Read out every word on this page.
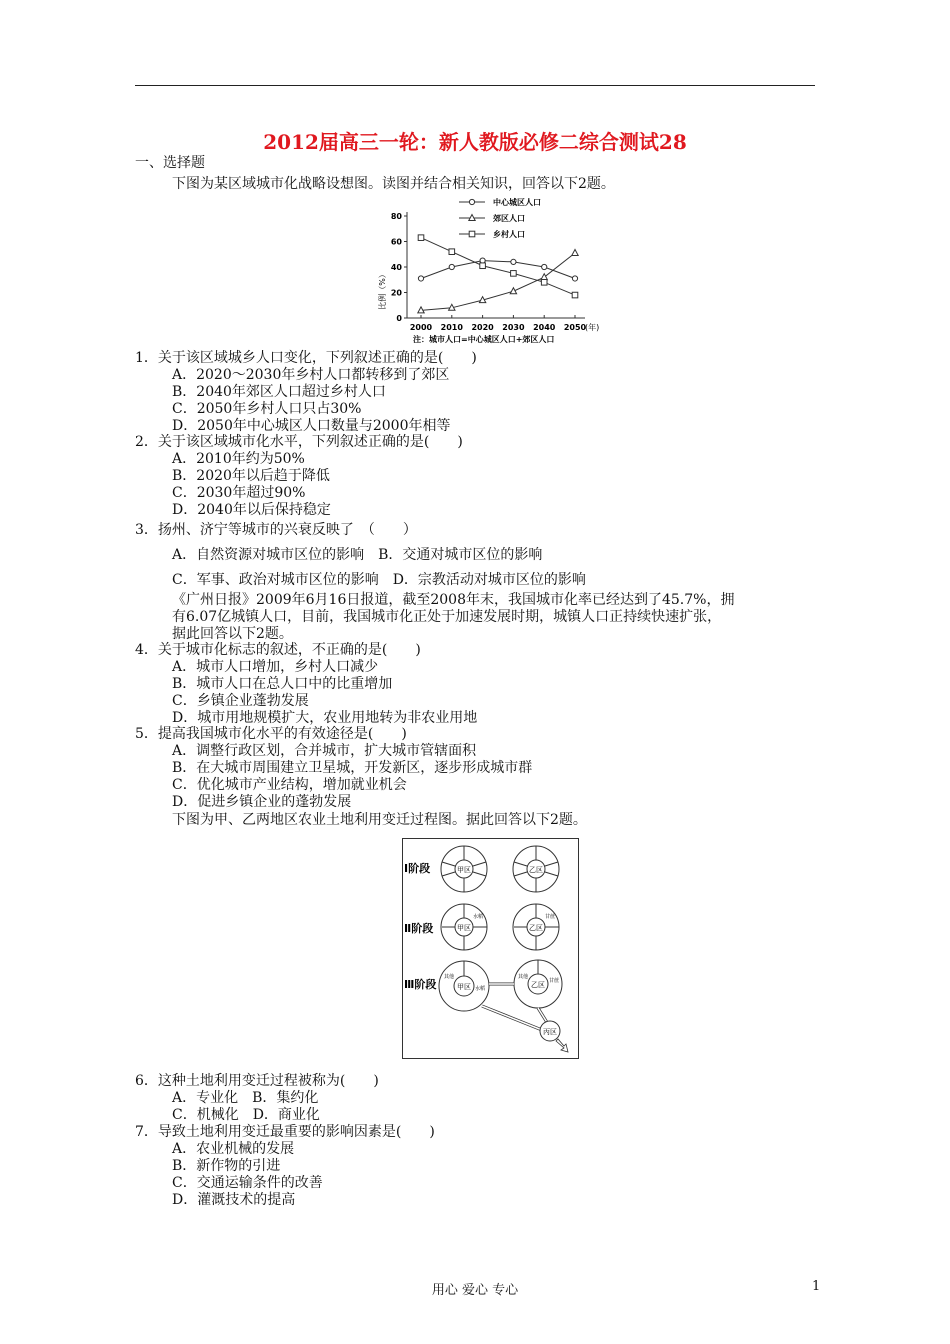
2012届高三一轮：新人教版必修二综合测试28
一、选择题
下图为某区域城市化战略设想图。读图并结合相关知识，回答以下2题。
0
20
40
60
80
2000 2010 2020 2030 2040 2050
中心城区人口
郊区人口
乡村人口
比例（%）
(年)
注：城市人口=中心城区人口+郊区人口
1．关于该区域城乡人口变化，下列叙述正确的是(　　)
A．2020～2030年乡村人口都转移到了郊区
B．2040年郊区人口超过乡村人口
C．2050年乡村人口只占30%
D．2050年中心城区人口数量与2000年相等
2．关于该区域城市化水平，下列叙述正确的是(　　)
A．2010年约为50%
B．2020年以后趋于降低
C．2030年超过90%
D．2040年以后保持稳定
3．扬州、济宁等城市的兴衰反映了　（　　）
A．自然资源对城市区位的影响　B．交通对城市区位的影响
C．军事、政治对城市区位的影响　D．宗教活动对城市区位的影响
《广州日报》2009年6月16日报道，截至2008年末，我国城市化率已经达到了45.7%，拥
有6.07亿城镇人口，目前，我国城市化正处于加速发展时期，城镇人口正持续快速扩张，
据此回答以下2题。
4．关于城市化标志的叙述，不正确的是(　　)
A．城市人口增加，乡村人口减少
B．城市人口在总人口中的比重增加
C．乡镇企业蓬勃发展
D．城市用地规模扩大，农业用地转为非农业用地
5．提高我国城市化水平的有效途径是(　　)
A．调整行政区划，合并城市，扩大城市管辖面积
B．在大城市周围建立卫星城，开发新区，逐步形成城市群
C．优化城市产业结构，增加就业机会
D．促进乡镇企业的蓬勃发展
下图为甲、乙两地区农业土地利用变迁过程图。据此回答以下2题。
Ⅰ阶段
Ⅱ阶段
Ⅲ阶段
甲区	乙区
甲区
水稻
乙区
甘蔗
甲区
其他
水稻	乙区
其他
甘蔗
丙区
6．这种土地利用变迁过程被称为(　　)
A．专业化　B．集约化
C．机械化　D．商业化
7．导致土地利用变迁最重要的影响因素是(　　)
A．农业机械的发展
B．新作物的引进
C．交通运输条件的改善
D．灌溉技术的提高
用心 爱心 专心	1
